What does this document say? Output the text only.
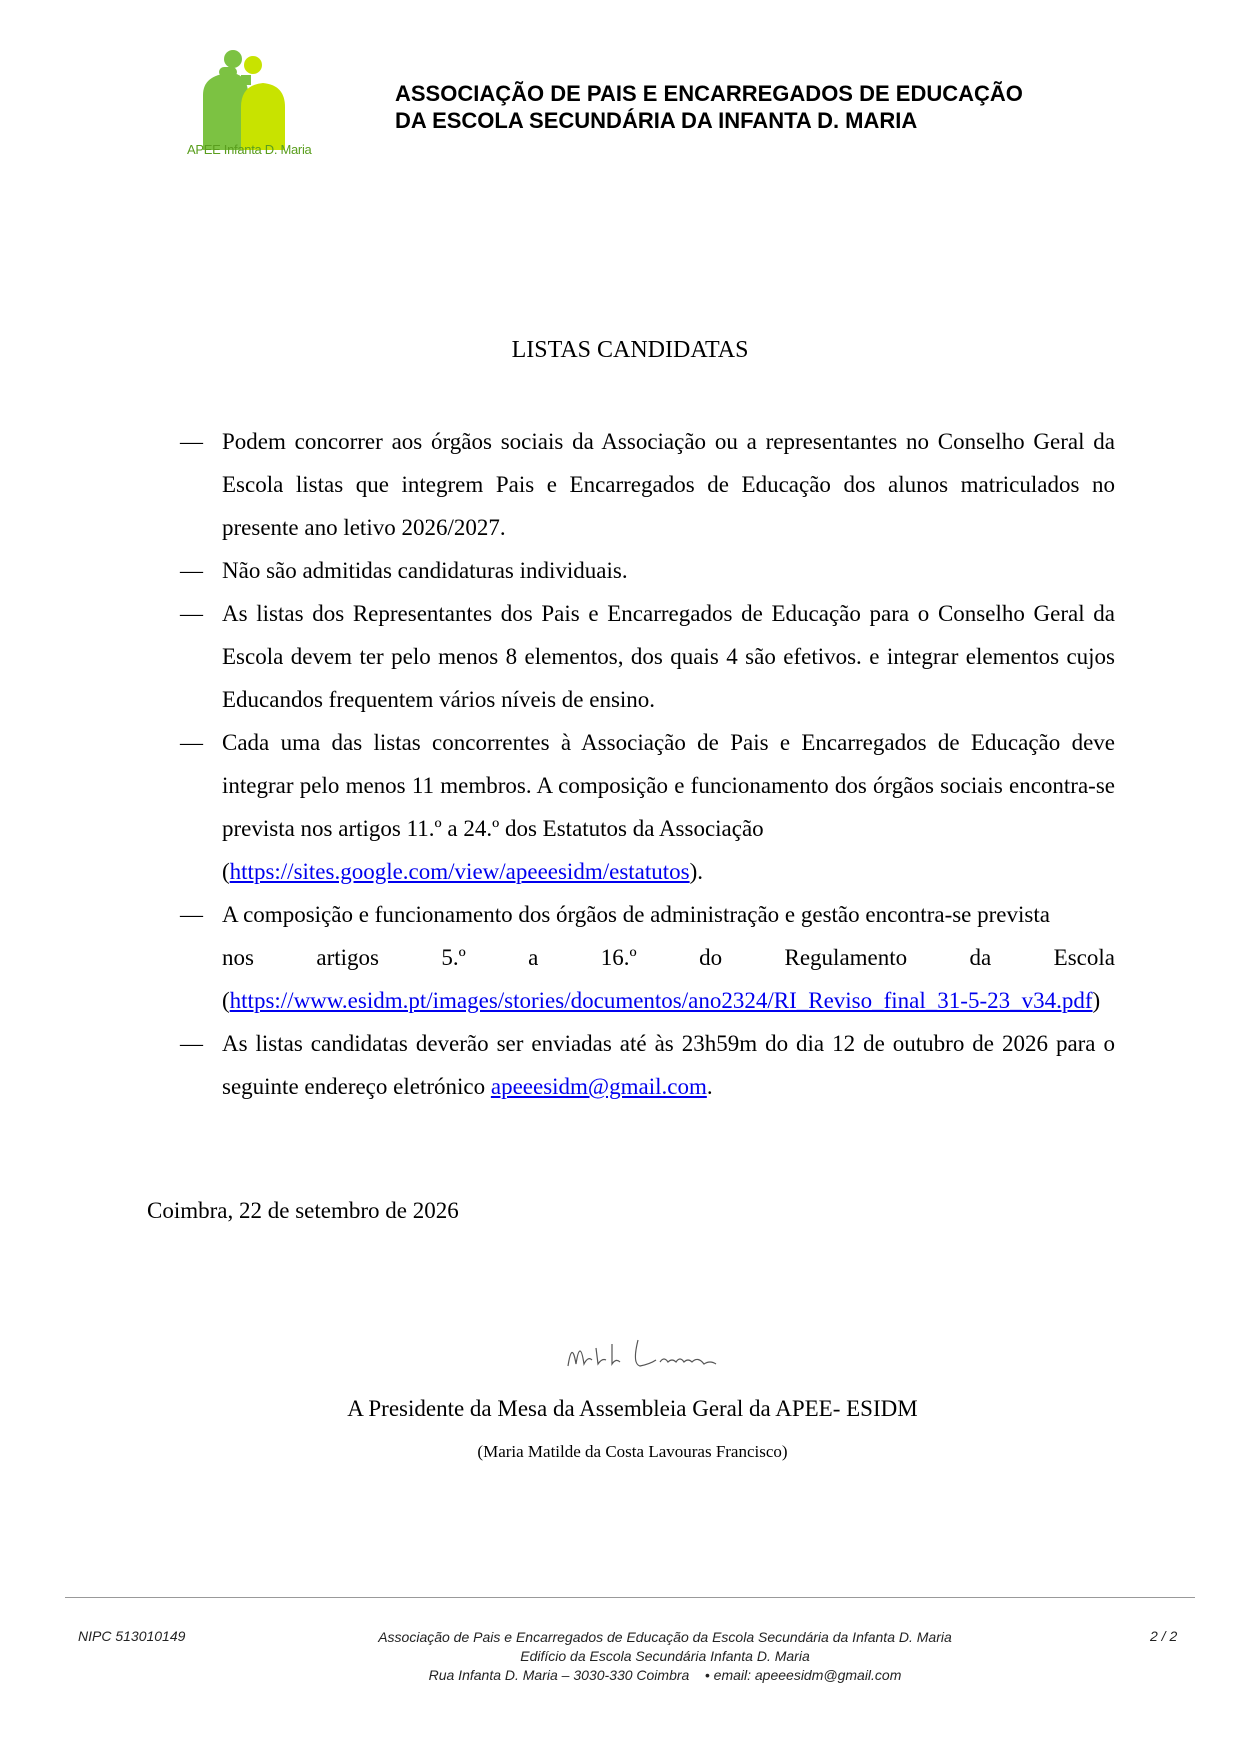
APEE Infanta D. Maria
ASSOCIAÇÃO DE PAIS E ENCARREGADOS DE EDUCAÇÃO
DA ESCOLA SECUNDÁRIA DA INFANTA D. MARIA
LISTAS CANDIDATAS

— Podem concorrer aos órgãos sociais da Associação ou a representantes no Conselho Geral da Escola listas que integrem Pais e Encarregados de Educação dos alunos matriculados no presente ano letivo 2026/2027.

— Não são admitidas candidaturas individuais.

— As listas dos Representantes dos Pais e Encarregados de Educação para o Conselho Geral da Escola devem ter pelo menos 8 elementos, dos quais 4 são efetivos. e integrar elementos cujos Educandos frequentem vários níveis de ensino.

— Cada uma das listas concorrentes à Associação de Pais e Encarregados de Educação deve integrar pelo menos 11 membros. A composição e funcionamento dos órgãos sociais encontra-se prevista nos artigos 11.º a 24.º dos Estatutos da Associação
(https://sites.google.com/view/apeeesidm/estatutos).

— A composição e funcionamento dos órgãos de administração e gestão encontra-se prevista
nos artigos 5.º a 16.º do Regulamento da Escola
(https://www.esidm.pt/images/stories/documentos/ano2324/RI_Reviso_final_31-5-23_v34.pdf)

— As listas candidatas deverão ser enviadas até às 23h59m do dia 12 de outubro de 2026 para o seguinte endereço eletrónico apeeesidm@gmail.com.

Coimbra, 22 de setembro de 2026
A Presidente da Mesa da Assembleia Geral da APEE- ESIDM
(Maria Matilde da Costa Lavouras Francisco)
NIPC 513010149	Associação de Pais e Encarregados de Educação da Escola Secundária da Infanta D. Maria
Edifício da Escola Secundária Infanta D. Maria
Rua Infanta D. Maria – 3030-330 Coimbra    • email: apeeesidm@gmail.com
2 / 2
